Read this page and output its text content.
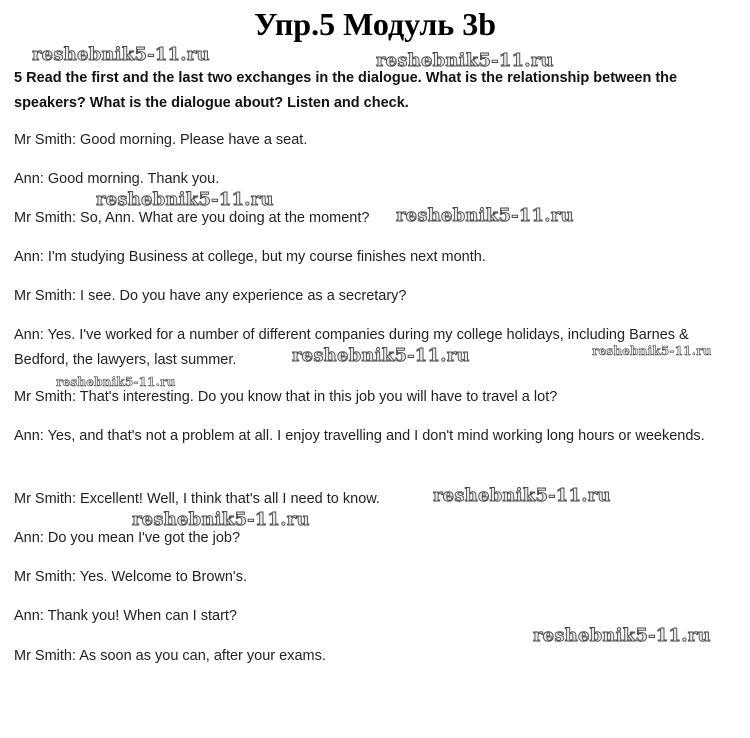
Упр.5 Модуль 3b
5 Read the first and the last two exchanges in the dialogue. What is the relationship between the speakers? What is the dialogue about? Listen and check.
Mr Smith: Good morning. Please have a seat.
Ann: Good morning. Thank you.
Mr Smith: So, Ann. What are you doing at the moment?
Ann: I'm studying Business at college, but my course finishes next month.
Mr Smith: I see. Do you have any experience as a secretary?
Ann: Yes. I've worked for a number of different companies during my college holidays, including Barnes & Bedford, the lawyers, last summer.
Mr Smith: That's interesting. Do you know that in this job you will have to travel a lot?
Ann: Yes, and that's not a problem at all. I enjoy travelling and I don't mind working long hours or weekends.
Mr Smith: Excellent! Well, I think that's all I need to know.
Ann: Do you mean I've got the job?
Mr Smith: Yes. Welcome to Brown's.
Ann: Thank you! When can I start?
Mr Smith: As soon as you can, after your exams.
reshebnik5-11.ru	reshebnik5-11.ru
reshebnik5-11.ru
reshebnik5-11.ru
reshebnik5-11.ru	reshebnik5-11.ru
reshebnik5-11.ru
reshebnik5-11.ru
reshebnik5-11.ru
reshebnik5-11.ru
